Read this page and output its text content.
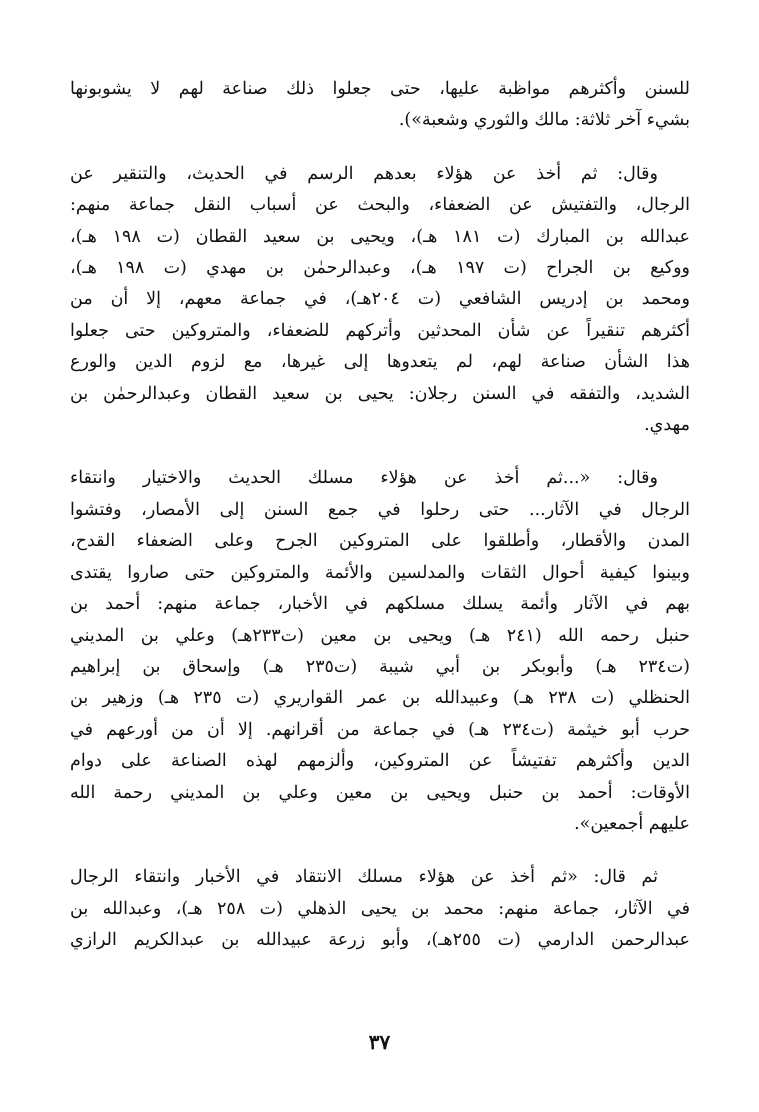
للسنن وأكثرهم مواظبة عليها، حتى جعلوا ذلك صناعة لهم لا يشوبونها
بشيء آخر ثلاثة: مالك والثوري وشعبة»).

وقال: ثم أخذ عن هؤلاء بعدهم الرسم في الحديث، والتنقير عن
الرجال، والتفتيش عن الضعفاء، والبحث عن أسباب النقل جماعة منهم:
عبدالله بن المبارك (ت ١٨١ هـ)، ويحيى بن سعيد القطان (ت ١٩٨ هـ)،
ووكيع بن الجراح (ت ١٩٧ هـ)، وعبدالرحمٰن بن مهدي (ت ١٩٨ هـ)،
ومحمد بن إدريس الشافعي (ت ٢٠٤هـ)، في جماعة معهم، إلا أن من
أكثرهم تنقيراً عن شأن المحدثين وأتركهم للضعفاء، والمتروكين حتى جعلوا
هذا الشأن صناعة لهم، لم يتعدوها إلى غيرها، مع لزوم الدين والورع
الشديد، والتفقه في السنن رجلان: يحيى بن سعيد القطان وعبدالرحمٰن بن
مهدي.

وقال: «...ثم أخذ عن هؤلاء مسلك الحديث والاختيار وانتقاء
الرجال في الآثار... حتى رحلوا في جمع السنن إلى الأمصار، وفتشوا
المدن والأقطار، وأطلقوا على المتروكين الجرح وعلى الضعفاء القدح،
وبينوا كيفية أحوال الثقات والمدلسين والأئمة والمتروكين حتى صاروا يقتدى
بهم في الآثار وأئمة يسلك مسلكهم في الأخبار، جماعة منهم: أحمد بن
حنبل رحمه الله (٢٤١ هـ) ويحيى بن معين (ت٢٣٣هـ) وعلي بن المديني
(ت٢٣٤ هـ) وأبوبكر بن أبي شيبة (ت٢٣٥ هـ) وإسحاق بن إبراهيم
الحنظلي (ت ٢٣٨ هـ) وعبيدالله بن عمر القواريري (ت ٢٣٥ هـ) وزهير بن
حرب أبو خيثمة (ت٢٣٤ هـ) في جماعة من أقرانهم. إلا أن من أورعهم في
الدين وأكثرهم تفتيشاً عن المتروكين، وألزمهم لهذه الصناعة على دوام
الأوقات: أحمد بن حنبل ويحيى بن معين وعلي بن المديني رحمة الله
عليهم أجمعين».

ثم قال: «ثم أخذ عن هؤلاء مسلك الانتقاد في الأخبار وانتقاء الرجال
في الآثار، جماعة منهم: محمد بن يحيى الذهلي (ت ٢٥٨ هـ)، وعبدالله بن
عبدالرحمن الدارمي (ت ٢٥٥هـ)، وأبو زرعة عبيدالله بن عبدالكريم الرازي

٣٧
